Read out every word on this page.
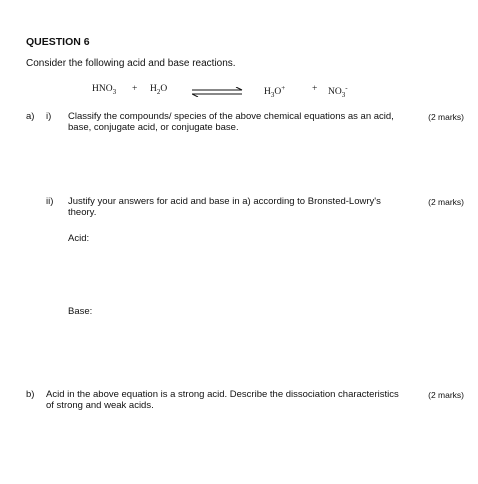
QUESTION 6
Consider the following acid and base reactions.
$HNO_3 + H_2O$	$H_3O^+$	+ $NO_3^-$
a) i) Classify the compounds/ species of the above chemical equations as an acid, base, conjugate acid, or conjugate base.
(2 marks)
ii) Justify your answers for acid and base in a) according to Bronsted-Lowry's theory.
(2 marks)
Acid:
Base:
b) Acid in the above equation is a strong acid. Describe the dissociation characteristics of strong and weak acids.
(2 marks)
